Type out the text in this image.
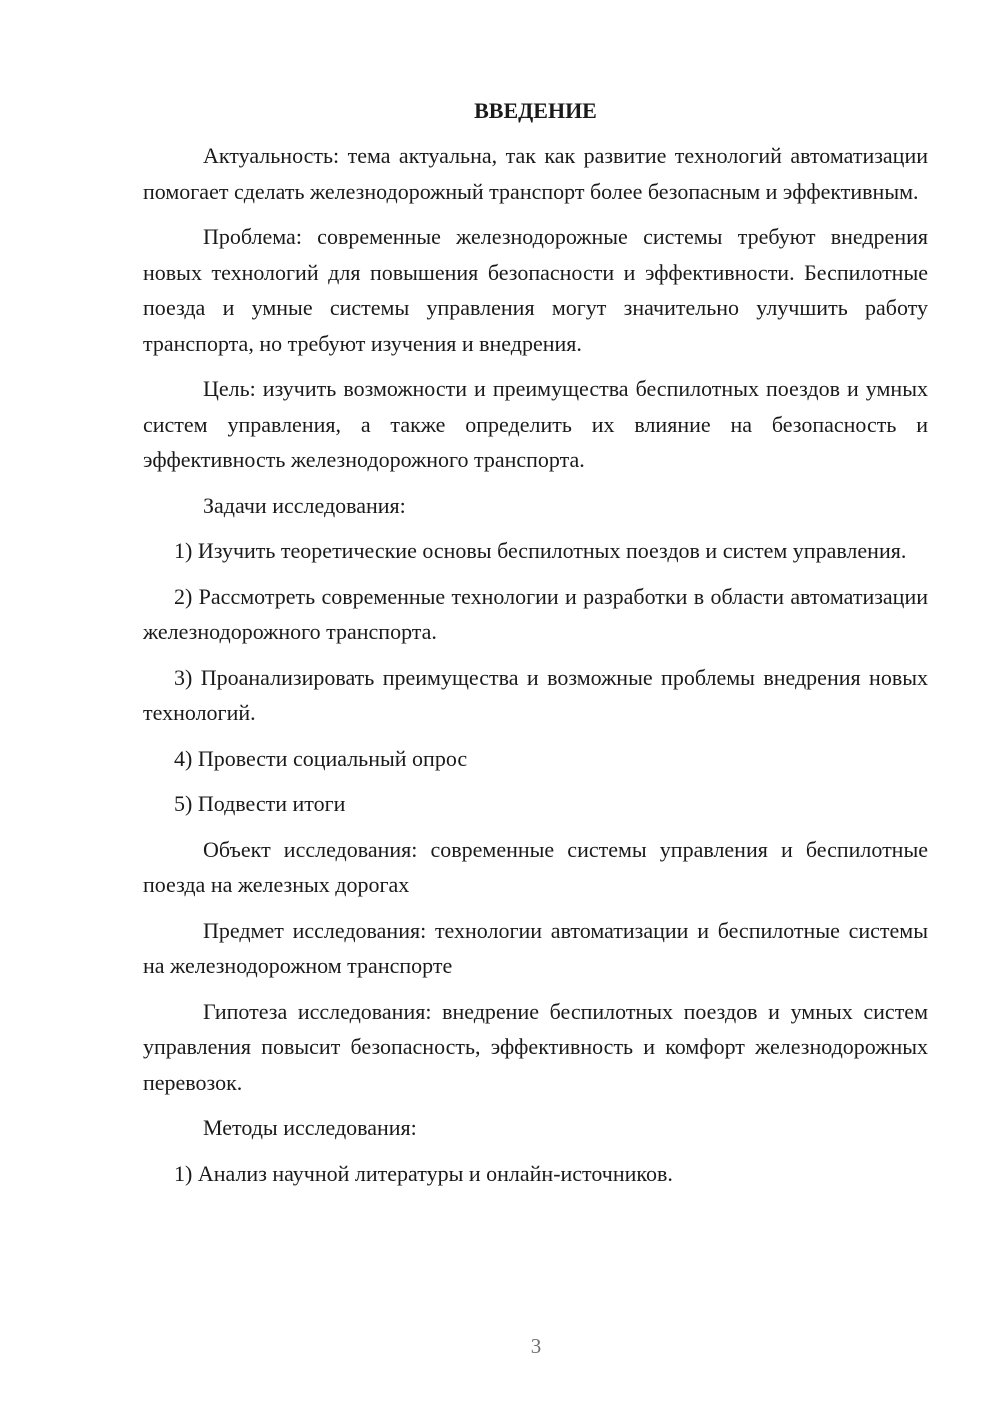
ВВЕДЕНИЕ

Актуальность: тема актуальна, так как развитие технологий автоматизации помогает сделать железнодорожный транспорт более безопасным и эффективным.

Проблема: современные железнодорожные системы требуют внедрения новых технологий для повышения безопасности и эффективности. Беспилотные поезда и умные системы управления могут значительно улучшить работу транспорта, но требуют изучения и внедрения.

Цель: изучить возможности и преимущества беспилотных поездов и умных систем управления, а также определить их влияние на безопасность и эффективность железнодорожного транспорта.

Задачи исследования:

1) Изучить теоретические основы беспилотных поездов и систем управления.

2) Рассмотреть современные технологии и разработки в области автоматизации железнодорожного транспорта.

3) Проанализировать преимущества и возможные проблемы внедрения новых технологий.

4) Провести социальный опрос

5) Подвести итоги

Объект исследования: современные системы управления и беспилотные поезда на железных дорогах

Предмет исследования: технологии автоматизации и беспилотные системы на железнодорожном транспорте

Гипотеза исследования: внедрение беспилотных поездов и умных систем управления повысит безопасность, эффективность и комфорт железнодорожных перевозок.

Методы исследования:

1) Анализ научной литературы и онлайн-источников.

3
